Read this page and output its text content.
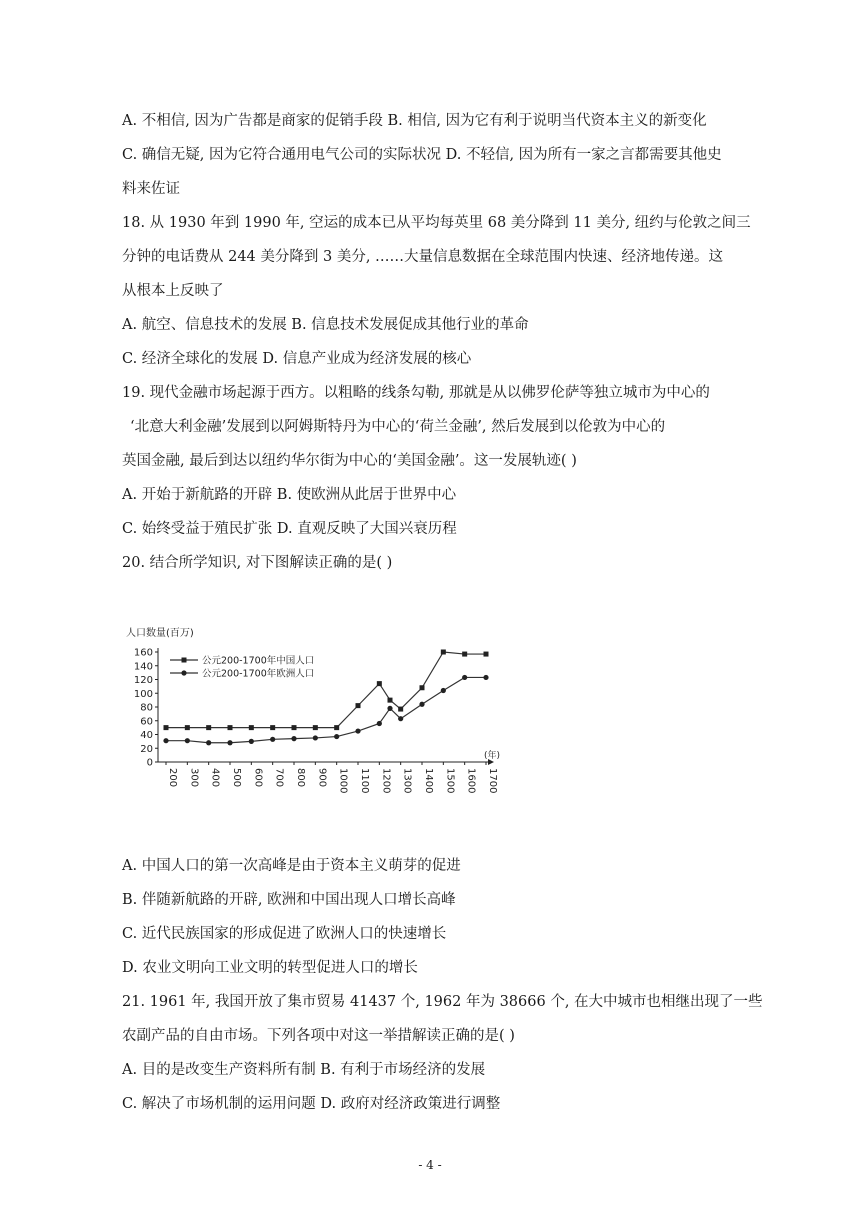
A. 不相信, 因为广告都是商家的促销手段 B. 相信, 因为它有利于说明当代资本主义的新变化
C. 确信无疑, 因为它符合通用电气公司的实际状况 D. 不轻信, 因为所有一家之言都需要其他史
料来佐证
18. 从 1930 年到 1990 年, 空运的成本已从平均每英里 68 美分降到 11 美分, 纽约与伦敦之间三
分钟的电话费从 244 美分降到 3 美分, ……大量信息数据在全球范围内快速、经济地传递。这
从根本上反映了
A. 航空、信息技术的发展 B. 信息技术发展促成其他行业的革命
C. 经济全球化的发展 D. 信息产业成为经济发展的核心
19. 现代金融市场起源于西方。以粗略的线条勾勒, 那就是从以佛罗伦萨等独立城市为中心的
‘北意大利金融’发展到以阿姆斯特丹为中心的‘荷兰金融’, 然后发展到以伦敦为中心的
英国金融, 最后到达以纽约华尔街为中心的‘美国金融’。这一发展轨迹( )
A. 开始于新航路的开辟 B. 使欧洲从此居于世界中心
C. 始终受益于殖民扩张 D. 直观反映了大国兴衰历程
20. 结合所学知识, 对下图解读正确的是( )
0
20
40
60
80
100
120
140
160
200 300 400 500 600 700 800 900 1000 1100 1200 1300 1400 1500 1600 1700
(年)
公元200-1700年中国人口
公元200-1700年欧洲人口
人口数量(百万)
A. 中国人口的第一次高峰是由于资本主义萌芽的促进
B. 伴随新航路的开辟, 欧洲和中国出现人口增长高峰
C. 近代民族国家的形成促进了欧洲人口的快速增长
D. 农业文明向工业文明的转型促进人口的增长
21. 1961 年, 我国开放了集市贸易 41437 个, 1962 年为 38666 个, 在大中城市也相继出现了一些
农副产品的自由市场。下列各项中对这一举措解读正确的是( )
A. 目的是改变生产资料所有制 B. 有利于市场经济的发展
C. 解决了市场机制的运用问题 D. 政府对经济政策进行调整
- 4 -
